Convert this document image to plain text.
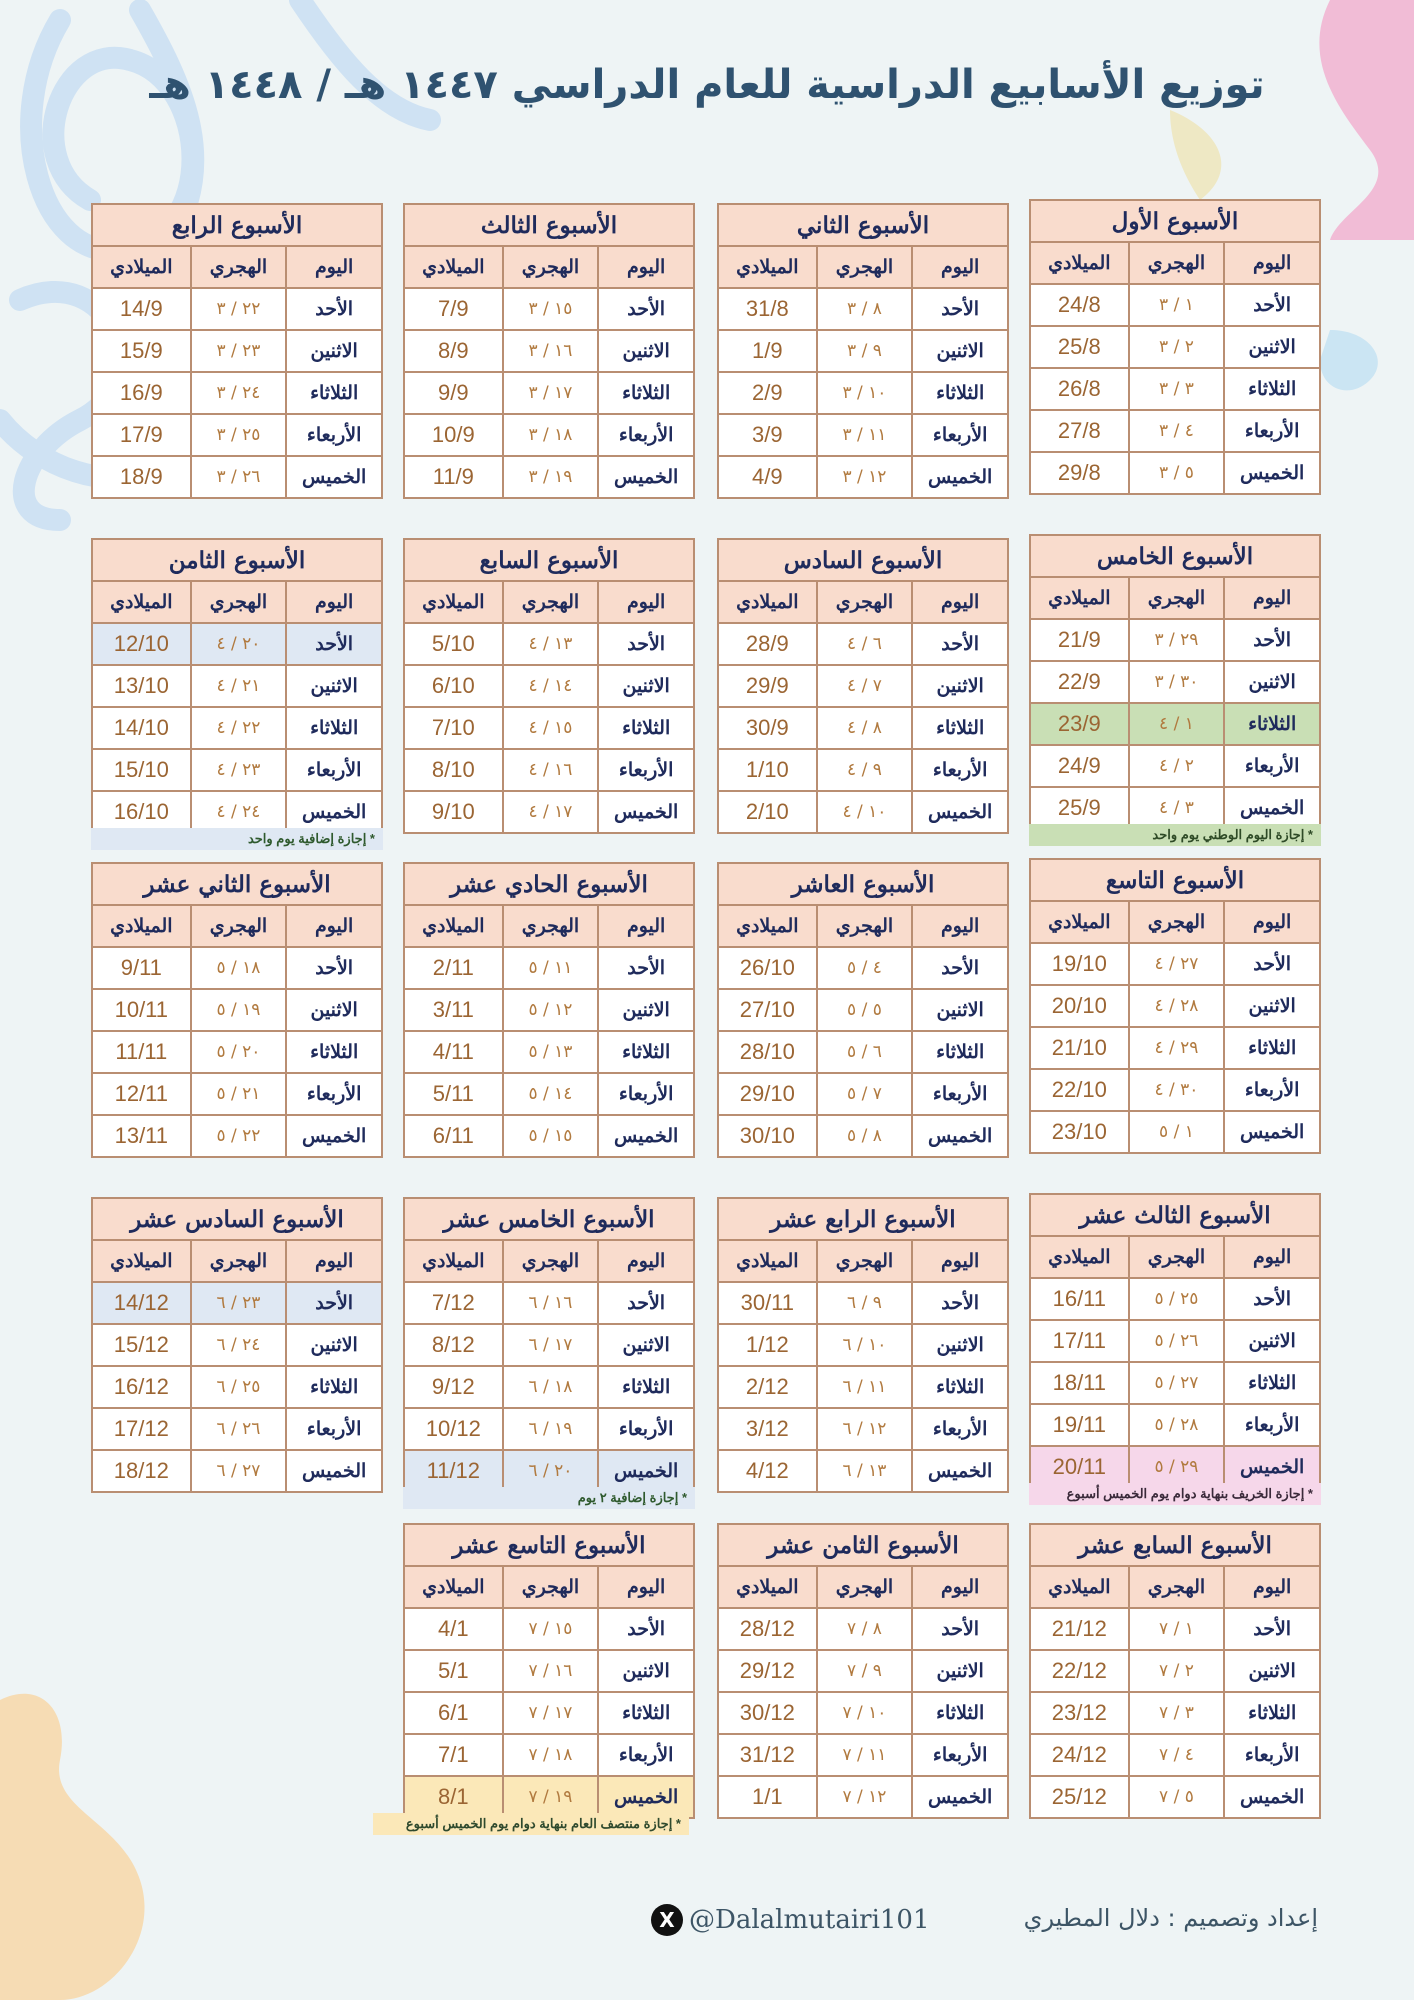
توزيع الأسابيع الدراسية للعام الدراسي ١٤٤٧ هـ / ١٤٤٨ هـ
الأسبوع الأول		
اليوم	الهجري	الميلادي
الأحد	١ / ٣	24/8
الاثنين	٢ / ٣	25/8
الثلاثاء	٣ / ٣	26/8
الأربعاء	٤ / ٣	27/8
الخميس	٥ / ٣	29/8
الأسبوع الثاني		
اليوم	الهجري	الميلادي
الأحد	٨ / ٣	31/8
الاثنين	٩ / ٣	1/9
الثلاثاء	١٠ / ٣	2/9
الأربعاء	١١ / ٣	3/9
الخميس	١٢ / ٣	4/9
الأسبوع الثالث		
اليوم	الهجري	الميلادي
الأحد	١٥ / ٣	7/9
الاثنين	١٦ / ٣	8/9
الثلاثاء	١٧ / ٣	9/9
الأربعاء	١٨ / ٣	10/9
الخميس	١٩ / ٣	11/9
الأسبوع الرابع		
اليوم	الهجري	الميلادي
الأحد	٢٢ / ٣	14/9
الاثنين	٢٣ / ٣	15/9
الثلاثاء	٢٤ / ٣	16/9
الأربعاء	٢٥ / ٣	17/9
الخميس	٢٦ / ٣	18/9
الأسبوع الخامس		
اليوم	الهجري	الميلادي
الأحد	٢٩ / ٣	21/9
الاثنين	٣٠ / ٣	22/9
الثلاثاء	١ / ٤	23/9
الأربعاء	٢ / ٤	24/9
الخميس	٣ / ٤	25/9
* إجازة اليوم الوطني يوم واحد
الأسبوع السادس		
اليوم	الهجري	الميلادي
الأحد	٦ / ٤	28/9
الاثنين	٧ / ٤	29/9
الثلاثاء	٨ / ٤	30/9
الأربعاء	٩ / ٤	1/10
الخميس	١٠ / ٤	2/10
الأسبوع السابع		
اليوم	الهجري	الميلادي
الأحد	١٣ / ٤	5/10
الاثنين	١٤ / ٤	6/10
الثلاثاء	١٥ / ٤	7/10
الأربعاء	١٦ / ٤	8/10
الخميس	١٧ / ٤	9/10
الأسبوع الثامن		
اليوم	الهجري	الميلادي
الأحد	٢٠ / ٤	12/10
الاثنين	٢١ / ٤	13/10
الثلاثاء	٢٢ / ٤	14/10
الأربعاء	٢٣ / ٤	15/10
الخميس	٢٤ / ٤	16/10
* إجازة إضافية يوم واحد
الأسبوع التاسع		
اليوم	الهجري	الميلادي
الأحد	٢٧ / ٤	19/10
الاثنين	٢٨ / ٤	20/10
الثلاثاء	٢٩ / ٤	21/10
الأربعاء	٣٠ / ٤	22/10
الخميس	١ / ٥	23/10
الأسبوع العاشر		
اليوم	الهجري	الميلادي
الأحد	٤ / ٥	26/10
الاثنين	٥ / ٥	27/10
الثلاثاء	٦ / ٥	28/10
الأربعاء	٧ / ٥	29/10
الخميس	٨ / ٥	30/10
الأسبوع الحادي عشر		
اليوم	الهجري	الميلادي
الأحد	١١ / ٥	2/11
الاثنين	١٢ / ٥	3/11
الثلاثاء	١٣ / ٥	4/11
الأربعاء	١٤ / ٥	5/11
الخميس	١٥ / ٥	6/11
الأسبوع الثاني عشر		
اليوم	الهجري	الميلادي
الأحد	١٨ / ٥	9/11
الاثنين	١٩ / ٥	10/11
الثلاثاء	٢٠ / ٥	11/11
الأربعاء	٢١ / ٥	12/11
الخميس	٢٢ / ٥	13/11
الأسبوع الثالث عشر		
اليوم	الهجري	الميلادي
الأحد	٢٥ / ٥	16/11
الاثنين	٢٦ / ٥	17/11
الثلاثاء	٢٧ / ٥	18/11
الأربعاء	٢٨ / ٥	19/11
الخميس	٢٩ / ٥	20/11
* إجازة الخريف بنهاية دوام يوم الخميس أسبوع
الأسبوع الرابع عشر		
اليوم	الهجري	الميلادي
الأحد	٩ / ٦	30/11
الاثنين	١٠ / ٦	1/12
الثلاثاء	١١ / ٦	2/12
الأربعاء	١٢ / ٦	3/12
الخميس	١٣ / ٦	4/12
الأسبوع الخامس عشر		
اليوم	الهجري	الميلادي
الأحد	١٦ / ٦	7/12
الاثنين	١٧ / ٦	8/12
الثلاثاء	١٨ / ٦	9/12
الأربعاء	١٩ / ٦	10/12
الخميس	٢٠ / ٦	11/12
* إجازة إضافية ٢ يوم
الأسبوع السادس عشر		
اليوم	الهجري	الميلادي
الأحد	٢٣ / ٦	14/12
الاثنين	٢٤ / ٦	15/12
الثلاثاء	٢٥ / ٦	16/12
الأربعاء	٢٦ / ٦	17/12
الخميس	٢٧ / ٦	18/12
الأسبوع السابع عشر		
اليوم	الهجري	الميلادي
الأحد	١ / ٧	21/12
الاثنين	٢ / ٧	22/12
الثلاثاء	٣ / ٧	23/12
الأربعاء	٤ / ٧	24/12
الخميس	٥ / ٧	25/12
الأسبوع الثامن عشر		
اليوم	الهجري	الميلادي
الأحد	٨ / ٧	28/12
الاثنين	٩ / ٧	29/12
الثلاثاء	١٠ / ٧	30/12
الأربعاء	١١ / ٧	31/12
الخميس	١٢ / ٧	1/1
الأسبوع التاسع عشر		
اليوم	الهجري	الميلادي
الأحد	١٥ / ٧	4/1
الاثنين	١٦ / ٧	5/1
الثلاثاء	١٧ / ٧	6/1
الأربعاء	١٨ / ٧	7/1
الخميس	١٩ / ٧	8/1
* إجازة منتصف العام بنهاية دوام يوم الخميس أسبوع
إعداد وتصميم : دلال المطيري
X @Dalalmutairi101
